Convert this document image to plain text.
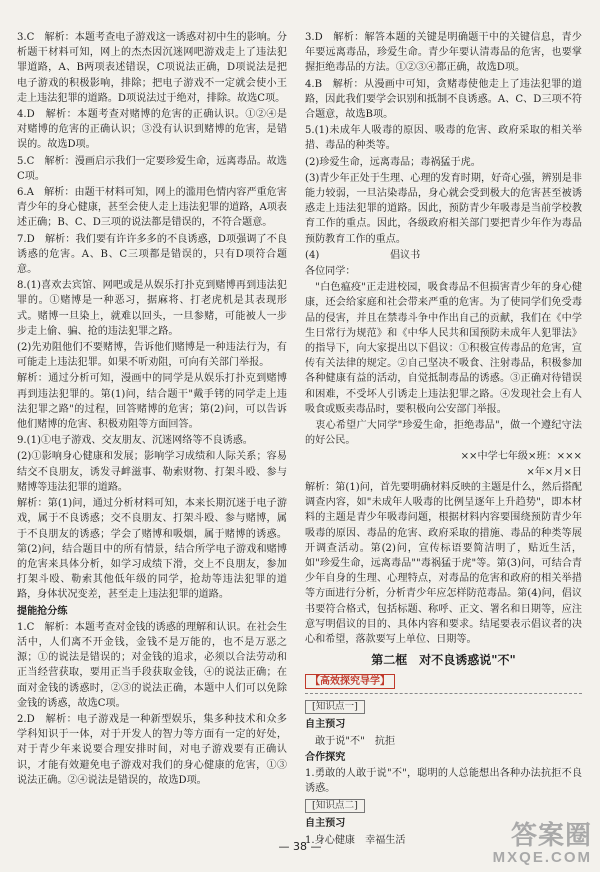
3.C　解析：本题考查电子游戏这一诱惑对初中生的影响。分析题干材料可知，网上的杰杰因沉迷网吧游戏走上了违法犯罪道路，A、B两项表述错误，C项说法正确，D项说法是把电子游戏的积极影响，排除；把电子游戏不一定就会使小王走上违法犯罪的道路。D项说法过于绝对，排除。故选C项。
4.D　解析：本题考查对赌博的危害的正确认识。①②④是对赌博的危害的正确认识；③没有认识到赌博的危害，是错误的。故选D项。
5.C　解析：漫画启示我们一定要珍爱生命，远离毒品。故选C项。
6.A　解析：由题干材料可知，网上的滥用色情内容严重危害青少年的身心健康，甚至会使人走上违法犯罪的道路，A项表述正确；B、C、D三项的说法都是错误的，不符合题意。
7.D　解析：我们要有许许多多的不良诱惑，D项强调了不良诱惑的危害。A、B、C三项都是错误的，只有D项符合题意。
8.(1)喜欢去宾馆、网吧或是从娱乐打扑克到赌博再到违法犯罪的。①赌博是一种恶习，据麻将、打老虎机是其表现形式。赌博一旦染上，就难以回头，一旦参赌，可能被人一步步走上偷、骗、抢的违法犯罪之路。
(2)先劝阻他们不要赌博，告诉他们赌博是一种违法行为，有可能走上违法犯罪。如果不听劝阻，可向有关部门举报。
解析：通过分析可知，漫画中的同学是从娱乐打扑克到赌博再到违法犯罪的。第(1)问，结合题干"戴手铐的同学走上违法犯罪之路"的过程，回答赌博的危害；第(2)问，可以告诉他们赌博的危害、积极劝阻等方面回答。
9.(1)①电子游戏、交友朋友、沉迷网络等不良诱惑。
(2)①影响身心健康和发展；影响学习成绩和人际关系；容易结交不良朋友，诱发寻衅滋事、勒索财物、打架斗殴、参与赌博等违法犯罪的道路。
解析：第(1)问，通过分析材料可知，本来长期沉迷于电子游戏，属于不良诱惑；交不良朋友、打架斗殴、参与赌博，属于不良朋友的诱惑；学会了赌博和吸烟，属于赌博的诱惑。第(2)问，结合题目中的所有情景，结合所学电子游戏和赌博的危害来具体分析，如学习成绩下滑，交上不良朋友，参加打架斗殴、勒索其他低年级的同学，抢劫等违法犯罪的道路，身体状况变差，甚至走上违法犯罪的道路。
提能抢分练
1.C　解析：本题考查对金钱的诱惑的理解和认识。在社会生活中，人们离不开金钱，金钱不是万能的，也不是万恶之源；①的说法是错误的；对金钱的追求，必须以合法劳动和正当经营获取，要用正当手段获取金钱，④的说法正确；在面对金钱的诱惑时，②③的说法正确，本题中人们可以免除金钱的诱惑，故选C项。
2.D　解析：电子游戏是一种新型娱乐，集多种技术和众多学科知识于一体，对于开发人的智力等方面有一定的好处，对于青少年来说要合理安排时间，对电子游戏要有正确认识，才能有效避免电子游戏对我们的身心健康的危害，①③说法正确。②④说法是错误的，故选D项。
3.D　解析：解答本题的关键是明确题干中的关键信息，青少年要远离毒品，珍爱生命。青少年要认清毒品的危害，也要掌握拒绝毒品的方法。①②③④都正确，故选D项。
4.B　解析：从漫画中可知，贪赌毒使他走上了违法犯罪的道路，因此我们要学会识别和抵制不良诱惑。A、C、D三项不符合题意，故选B项。
5.(1)未成年人吸毒的原因、吸毒的危害、政府采取的相关举措、毒品的种类等。
(2)珍爱生命，远离毒品；毒祸猛于虎。
(3)青少年正处于生理、心理的发育时期，好奇心强，辨别是非能力较弱，一旦沾染毒品，身心就会受到极大的危害甚至被诱惑走上违法犯罪的道路。因此，预防青少年吸毒是当前学校教育工作的重点。因此，各级政府相关部门要把青少年作为毒品预防教育工作的重点。
(4)　　　　　　　倡议书
各位同学：
　"白色瘟疫"正走进校园，吸食毒品不但损害青少年的身心健康，还会给家庭和社会带来严重的危害。为了使同学们免受毒品的侵害，并且在禁毒斗争中作出自己的贡献，我们在《中学生日常行为规范》和《中华人民共和国预防未成年人犯罪法》的指导下，向大家提出以下倡议：①积极宣传毒品的危害，宣传有关法律的规定。②自己坚决不吸食、注射毒品，积极参加各种健康有益的活动，自觉抵制毒品的诱惑。③正确对待错误和困难，不受坏人引诱走上违法犯罪之路。④发现社会上有人吸食或贩卖毒品时，要积极向公安部门举报。
　衷心希望广大同学"珍爱生命，拒绝毒品"，做一个遵纪守法的好公民。
××中学七年级×班：×××
×年×月×日
解析：第(1)问，首先要明确材料反映的主题是什么，然后搭配调查内容，如"未成年人吸毒的比例呈逐年上升趋势"，即本材料的主题是青少年吸毒问题，根据材料内容要围绕预防青少年吸毒的原因、毒品的危害、政府采取的措施、毒品的种类等展开调查活动。第(2)问，宣传标语要简洁明了，贴近生活，如"珍爱生命，远离毒品""毒祸猛于虎"等。第(3)问，可结合青少年自身的生理、心理特点，对毒品的危害和政府的相关举措等方面进行分析，分析青少年应怎样防范毒品。第(4)问，倡议书要符合格式，包括标题、称呼、正文、署名和日期等，应注意写明倡议的目的、具体内容和要求。结尾要表示倡议者的决心和希望，落款要写上单位、日期等。
第二框　对不良诱惑说"不"
【高效探究导学】
[知识点一]
自主预习
　敢于说"不"　抗拒
合作探究
1.勇敢的人敢于说"不"，聪明的人总能想出各种办法抗拒不良诱惑。
[知识点二]
自主预习
1.身心健康　幸福生活
— 38 —	答案圈
MXQE.COM
